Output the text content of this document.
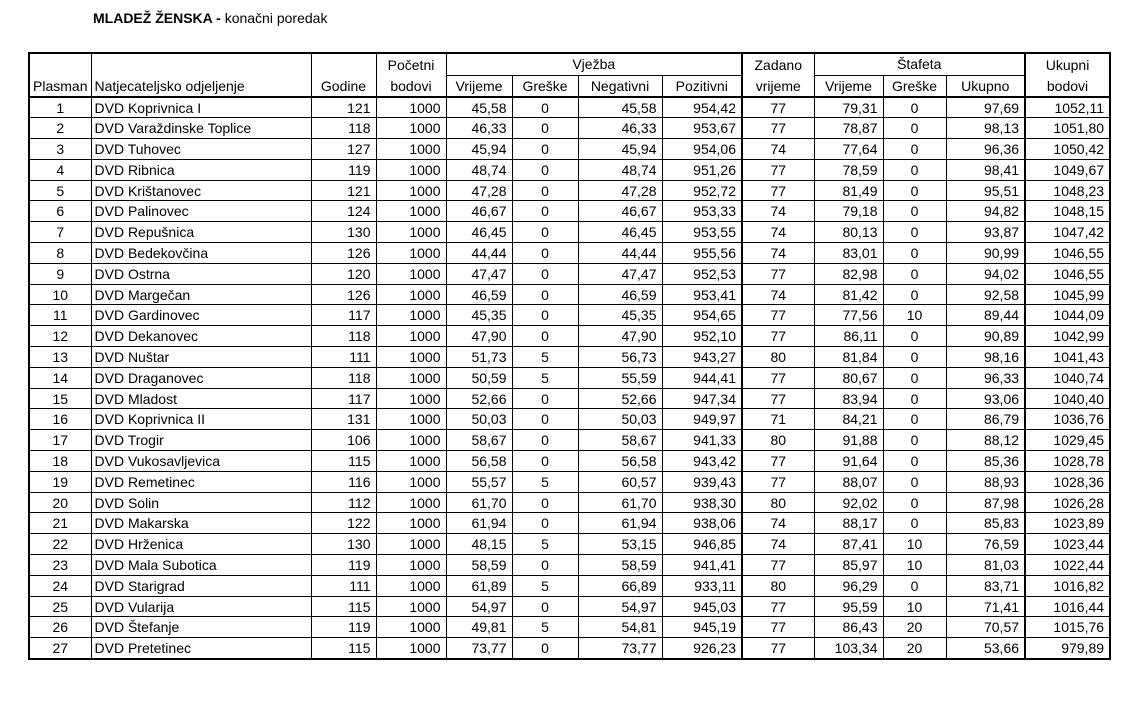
MLADEŽ ŽENSKA - konačni poredak
			Početni	Vježba				Zadano	Štafeta			Ukupni
Plasman	Natjecateljsko odjeljenje	Godine	bodovi	Vrijeme	Greške	Negativni	Pozitivni	vrijeme	Vrijeme	Greške	Ukupno	bodovi
1	DVD Koprivnica I	121	1000	45,58	0	45,58	954,42	77	79,31	0	97,69	1052,11
2	DVD Varaždinske Toplice	118	1000	46,33	0	46,33	953,67	77	78,87	0	98,13	1051,80
3	DVD Tuhovec	127	1000	45,94	0	45,94	954,06	74	77,64	0	96,36	1050,42
4	DVD Ribnica	119	1000	48,74	0	48,74	951,26	77	78,59	0	98,41	1049,67
5	DVD Krištanovec	121	1000	47,28	0	47,28	952,72	77	81,49	0	95,51	1048,23
6	DVD Palinovec	124	1000	46,67	0	46,67	953,33	74	79,18	0	94,82	1048,15
7	DVD Repušnica	130	1000	46,45	0	46,45	953,55	74	80,13	0	93,87	1047,42
8	DVD Bedekovčina	126	1000	44,44	0	44,44	955,56	74	83,01	0	90,99	1046,55
9	DVD Ostrna	120	1000	47,47	0	47,47	952,53	77	82,98	0	94,02	1046,55
10	DVD Margečan	126	1000	46,59	0	46,59	953,41	74	81,42	0	92,58	1045,99
11	DVD Gardinovec	117	1000	45,35	0	45,35	954,65	77	77,56	10	89,44	1044,09
12	DVD Dekanovec	118	1000	47,90	0	47,90	952,10	77	86,11	0	90,89	1042,99
13	DVD Nuštar	111	1000	51,73	5	56,73	943,27	80	81,84	0	98,16	1041,43
14	DVD Draganovec	118	1000	50,59	5	55,59	944,41	77	80,67	0	96,33	1040,74
15	DVD Mladost	117	1000	52,66	0	52,66	947,34	77	83,94	0	93,06	1040,40
16	DVD Koprivnica II	131	1000	50,03	0	50,03	949,97	71	84,21	0	86,79	1036,76
17	DVD Trogir	106	1000	58,67	0	58,67	941,33	80	91,88	0	88,12	1029,45
18	DVD Vukosavljevica	115	1000	56,58	0	56,58	943,42	77	91,64	0	85,36	1028,78
19	DVD Remetinec	116	1000	55,57	5	60,57	939,43	77	88,07	0	88,93	1028,36
20	DVD Solin	112	1000	61,70	0	61,70	938,30	80	92,02	0	87,98	1026,28
21	DVD Makarska	122	1000	61,94	0	61,94	938,06	74	88,17	0	85,83	1023,89
22	DVD Hrženica	130	1000	48,15	5	53,15	946,85	74	87,41	10	76,59	1023,44
23	DVD Mala Subotica	119	1000	58,59	0	58,59	941,41	77	85,97	10	81,03	1022,44
24	DVD Starigrad	111	1000	61,89	5	66,89	933,11	80	96,29	0	83,71	1016,82
25	DVD Vularija	115	1000	54,97	0	54,97	945,03	77	95,59	10	71,41	1016,44
26	DVD Štefanje	119	1000	49,81	5	54,81	945,19	77	86,43	20	70,57	1015,76
27	DVD Pretetinec	115	1000	73,77	0	73,77	926,23	77	103,34	20	53,66	979,89
